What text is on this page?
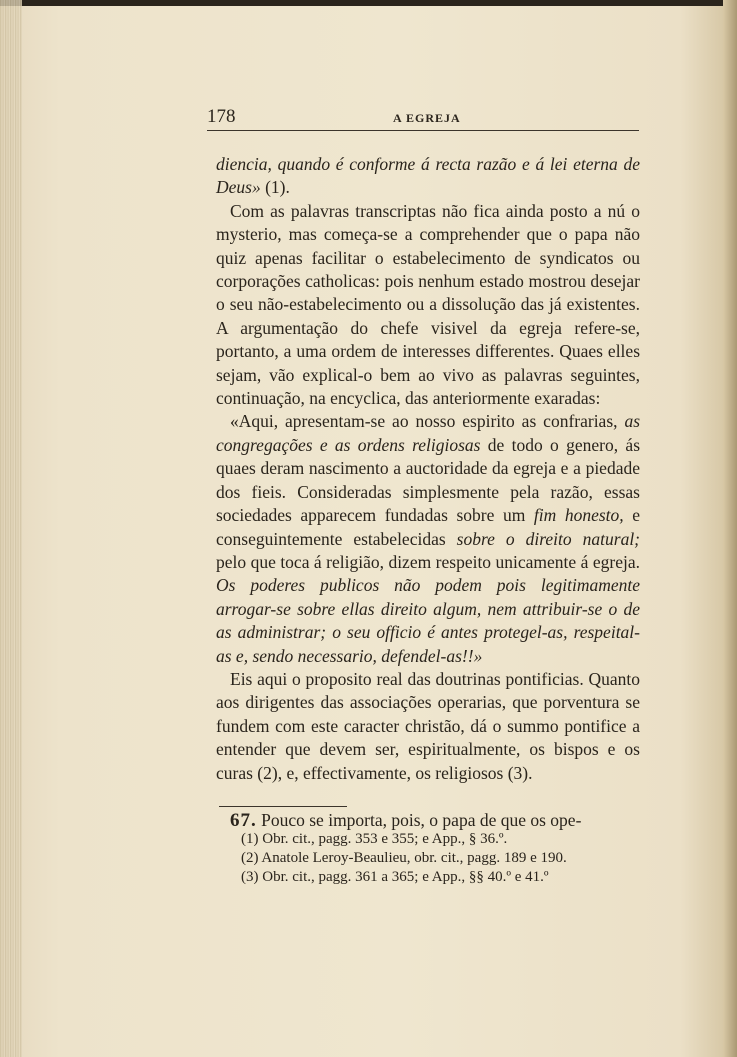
178	A EGREJA

diencia, quando é conforme á recta razão e á lei eterna de Deus» (1).

Com as palavras transcriptas não fica ainda posto a nú o mysterio, mas começa-se a comprehender que o papa não quiz apenas facilitar o estabelecimento de syndicatos ou corporações catholicas: pois nenhum estado mostrou desejar o seu não-estabelecimento ou a dissolução das já existentes. A argumentação do chefe visivel da egreja refere-se, portanto, a uma ordem de interesses differentes. Quaes elles sejam, vão explical-o bem ao vivo as palavras seguintes, continuação, na encyclica, das anteriormente exaradas:

«Aqui, apresentam-se ao nosso espirito as confrarias, as congregações e as ordens religiosas de todo o genero, ás quaes deram nascimento a auctoridade da egreja e a piedade dos fieis. Consideradas simplesmente pela razão, essas sociedades apparecem fundadas sobre um fim honesto, e conseguintemente estabelecidas sobre o direito natural; pelo que toca á religião, dizem respeito unicamente á egreja. Os poderes publicos não podem pois legitimamente arrogar-se sobre ellas direito algum, nem attribuir-se o de as administrar; o seu officio é antes protegel-as, respeital-as e, sendo necessario, defendel-as!!»

Eis aqui o proposito real das doutrinas pontificias. Quanto aos dirigentes das associações operarias, que porventura se fundem com este caracter christão, dá o summo pontifice a entender que devem ser, espiritualmente, os bispos e os curas (2), e, effectivamente, os religiosos (3).

67. Pouco se importa, pois, o papa de que os ope-

(1) Obr. cit., pagg. 353 e 355; e App., § 36.º.
(2) Anatole Leroy-Beaulieu, obr. cit., pagg. 189 e 190.
(3) Obr. cit., pagg. 361 a 365; e App., §§ 40.º e 41.º
